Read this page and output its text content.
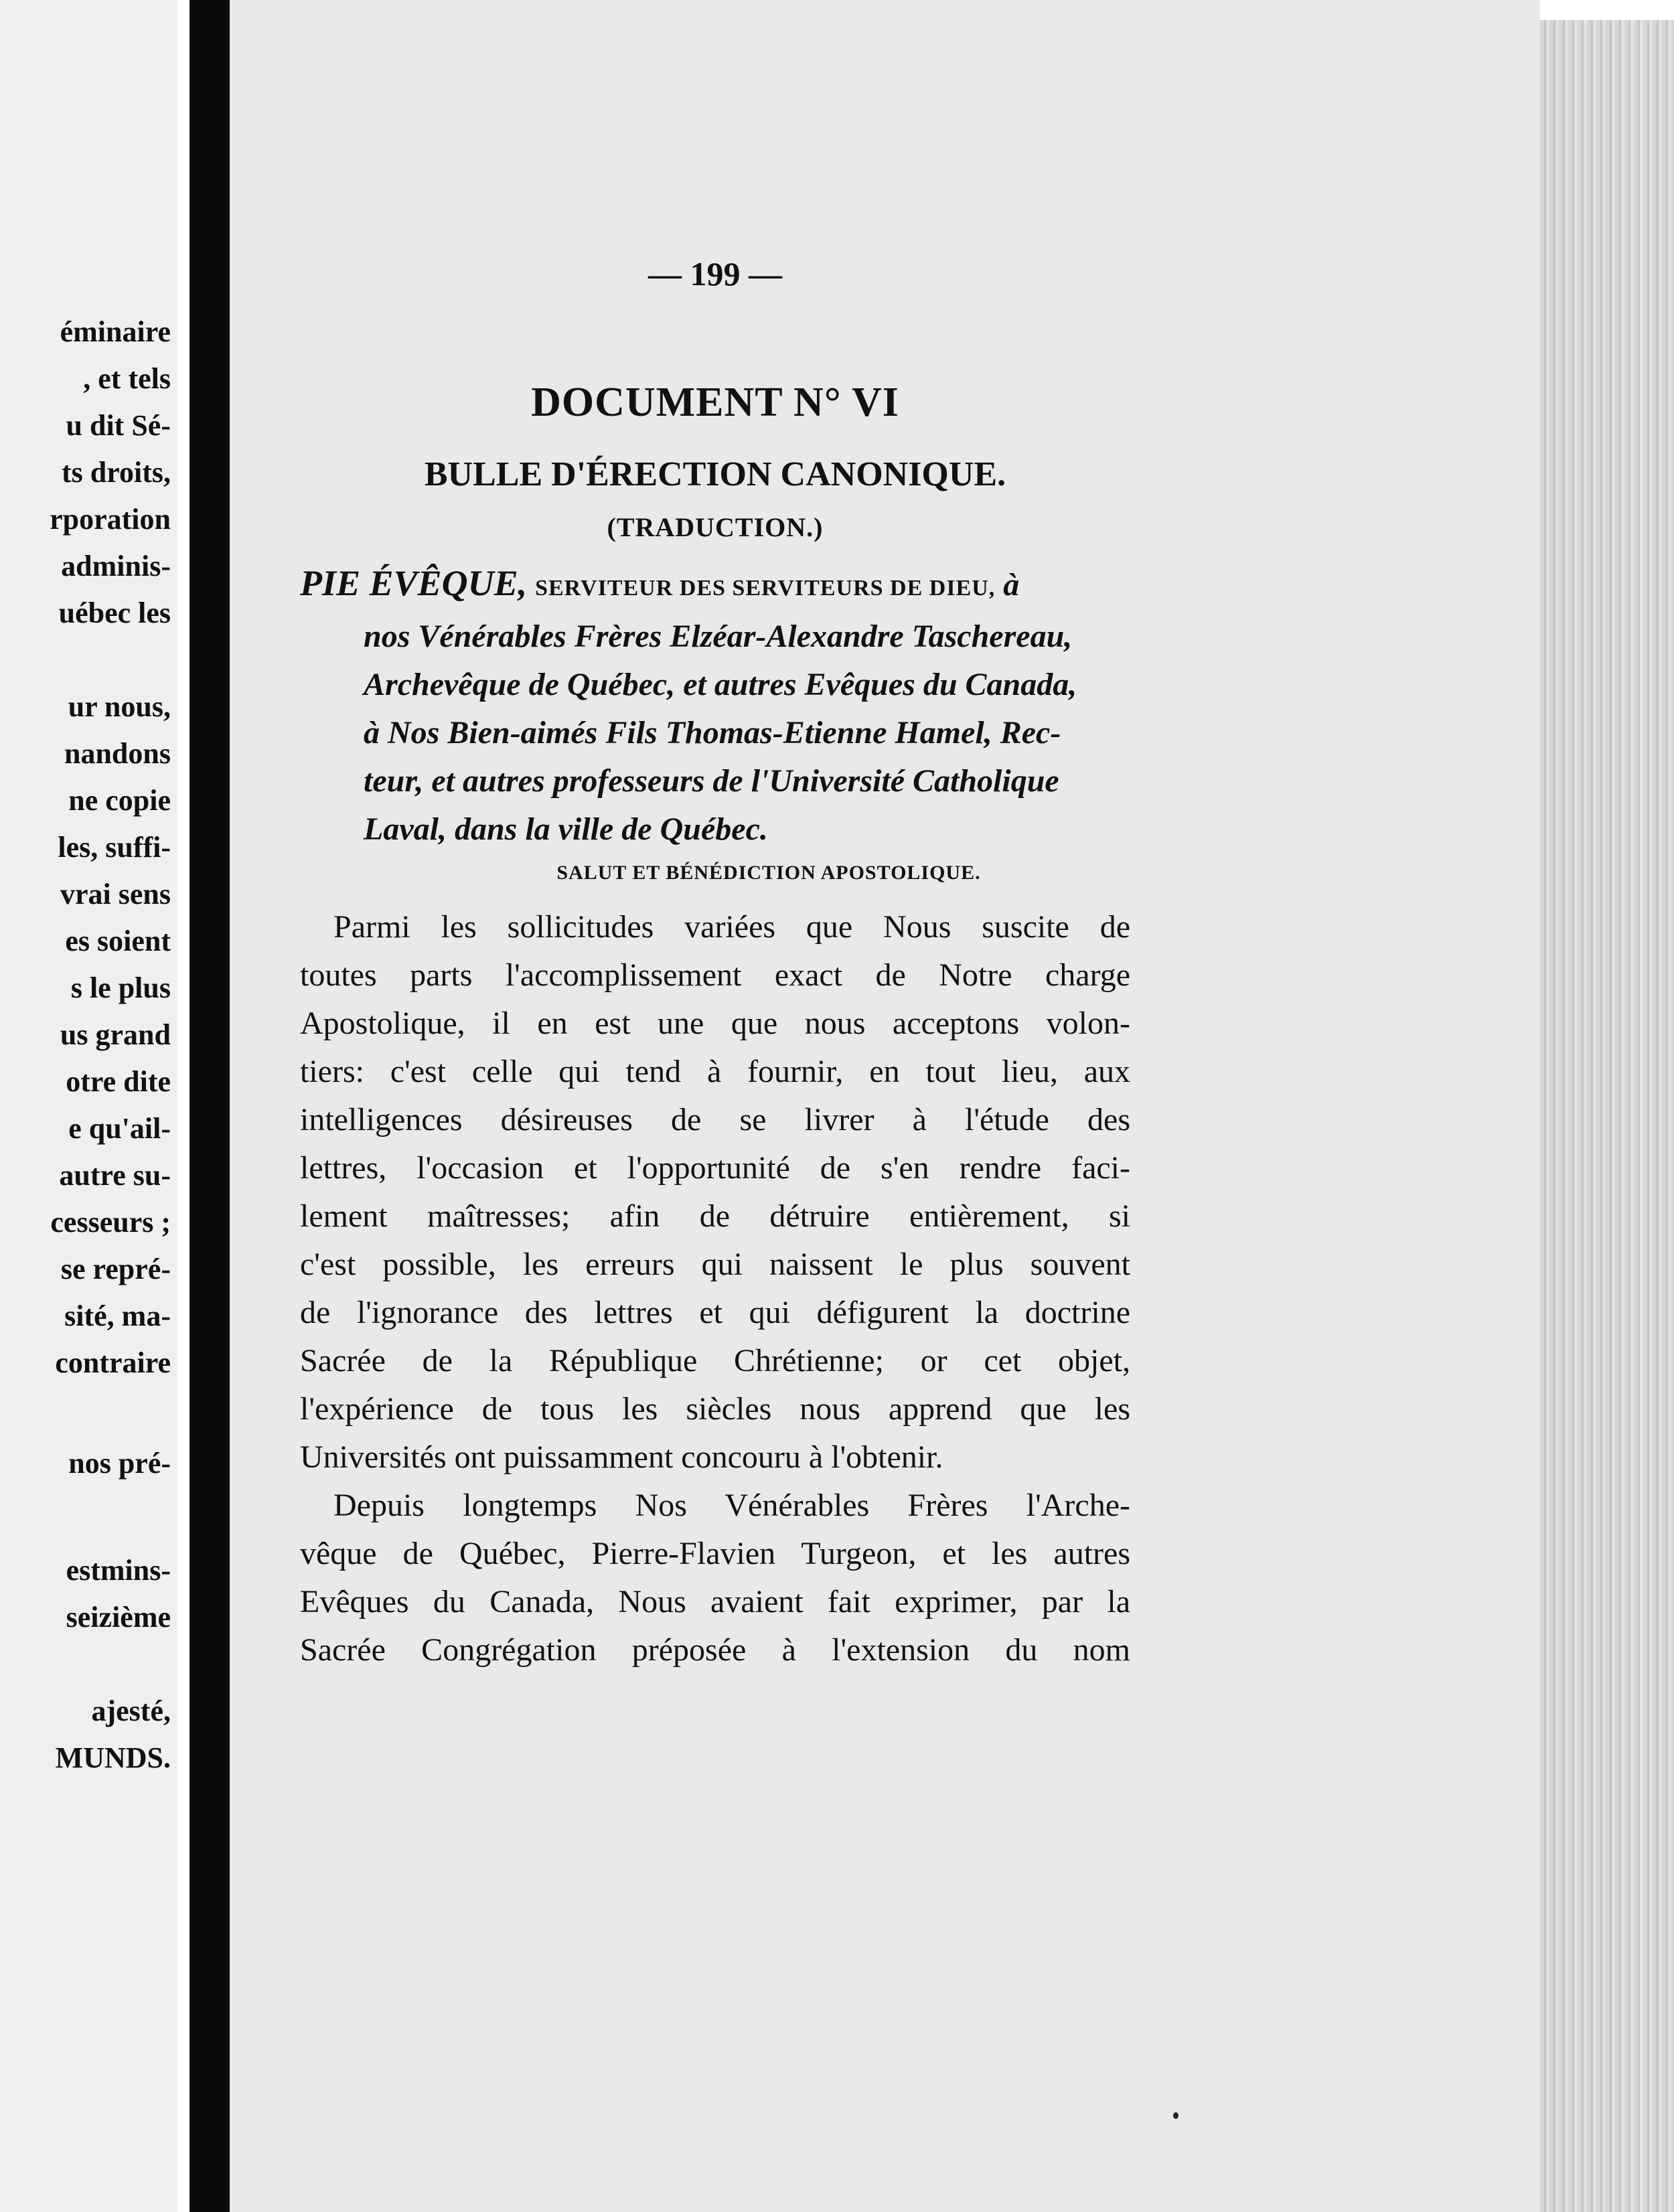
éminaire
, et tels
u dit Sé-
ts droits,
rporation
adminis-
uébec les
ur nous,
nandons
ne copie
les, suffi-
vrai sens
es soient
s le plus
us grand
otre dite
e qu'ail-
autre su-
cesseurs ;
se repré-
sité, ma-
contraire
nos pré-
estmins-
seizième
ajesté,
MUNDS.
— 199 —
DOCUMENT N° VI
BULLE D'ÉRECTION CANONIQUE.
(TRADUCTION.)
PIE ÉVÊQUE, SERVITEUR DES SERVITEURS DE DIEU, à
nos Vénérables Frères Elzéar-Alexandre Taschereau,
Archevêque de Québec, et autres Evêques du Canada,
à Nos Bien-aimés Fils Thomas-Etienne Hamel, Rec-
teur, et autres professeurs de l'Université Catholique
Laval, dans la ville de Québec.
SALUT ET BÉNÉDICTION APOSTOLIQUE.
Parmi les sollicitudes variées que Nous suscite de
toutes parts l'accomplissement exact de Notre charge
Apostolique, il en est une que nous acceptons volon-
tiers: c'est celle qui tend à fournir, en tout lieu, aux
intelligences désireuses de se livrer à l'étude des
lettres, l'occasion et l'opportunité de s'en rendre faci-
lement maîtresses; afin de détruire entièrement, si
c'est possible, les erreurs qui naissent le plus souvent
de l'ignorance des lettres et qui défigurent la doctrine
Sacrée de la République Chrétienne; or cet objet,
l'expérience de tous les siècles nous apprend que les
Universités ont puissamment concouru à l'obtenir.
Depuis longtemps Nos Vénérables Frères l'Arche-
vêque de Québec, Pierre-Flavien Turgeon, et les autres
Evêques du Canada, Nous avaient fait exprimer, par la
Sacrée Congrégation préposée à l'extension du nom
